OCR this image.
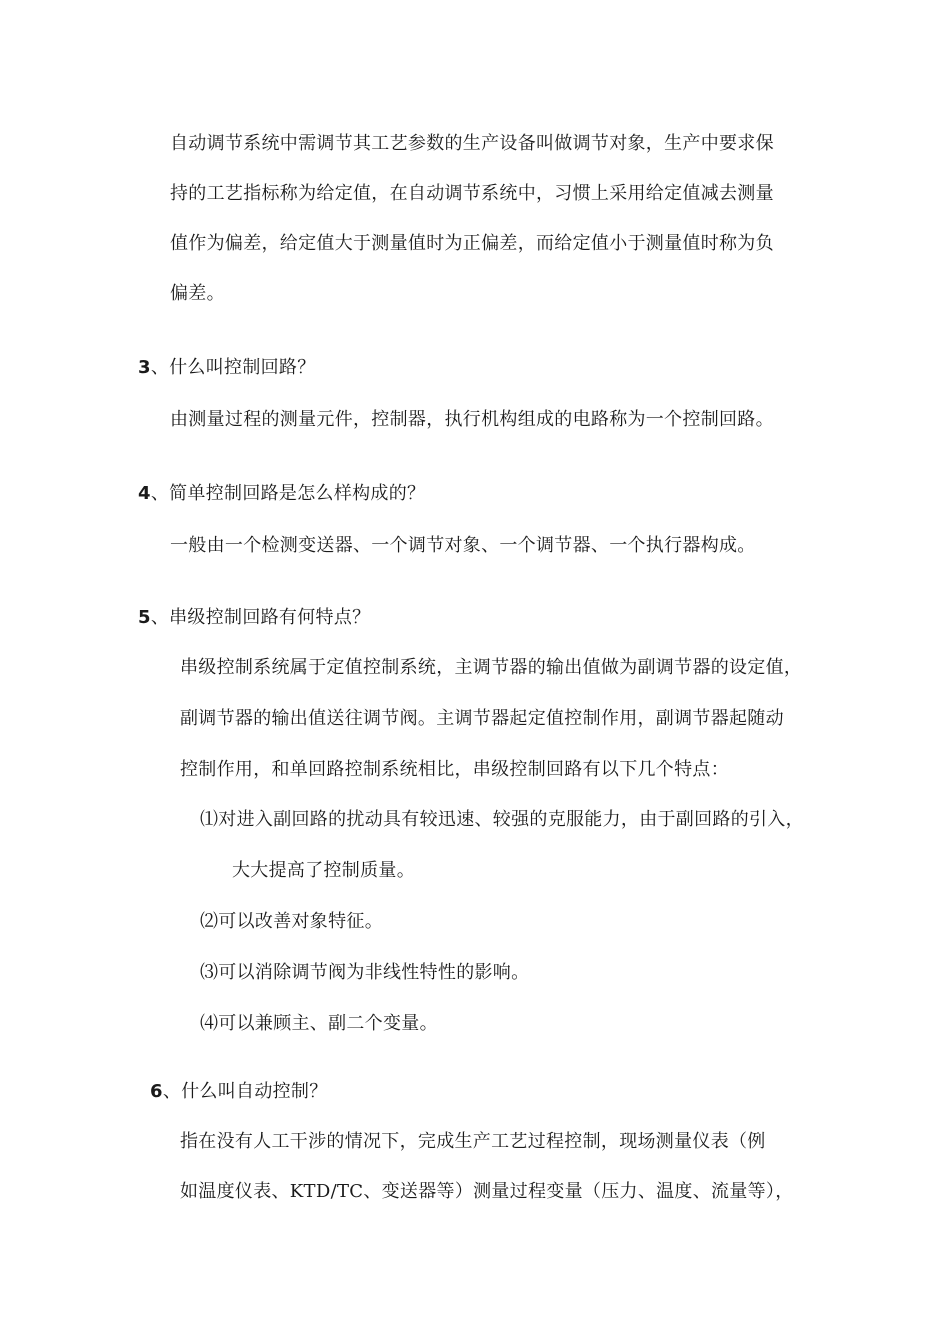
自动调节系统中需调节其工艺参数的生产设备叫做调节对象，生产中要求保
持的工艺指标称为给定值，在自动调节系统中，习惯上采用给定值减去测量
值作为偏差，给定值大于测量值时为正偏差，而给定值小于测量值时称为负
偏差。
3、什么叫控制回路？
由测量过程的测量元件，控制器，执行机构组成的电路称为一个控制回路。
4、简单控制回路是怎么样构成的？
一般由一个检测变送器、一个调节对象、一个调节器、一个执行器构成。
5、串级控制回路有何特点？
串级控制系统属于定值控制系统，主调节器的输出值做为副调节器的设定值，
副调节器的输出值送往调节阀。主调节器起定值控制作用，副调节器起随动
控制作用，和单回路控制系统相比，串级控制回路有以下几个特点：
⑴对进入副回路的扰动具有较迅速、较强的克服能力，由于副回路的引入，
大大提高了控制质量。
⑵可以改善对象特征。
⑶可以消除调节阀为非线性特性的影响。
⑷可以兼顾主、副二个变量。
6、什么叫自动控制？
指在没有人工干涉的情况下，完成生产工艺过程控制，现场测量仪表（例
如温度仪表、KTD/TC、变送器等）测量过程变量（压力、温度、流量等），
